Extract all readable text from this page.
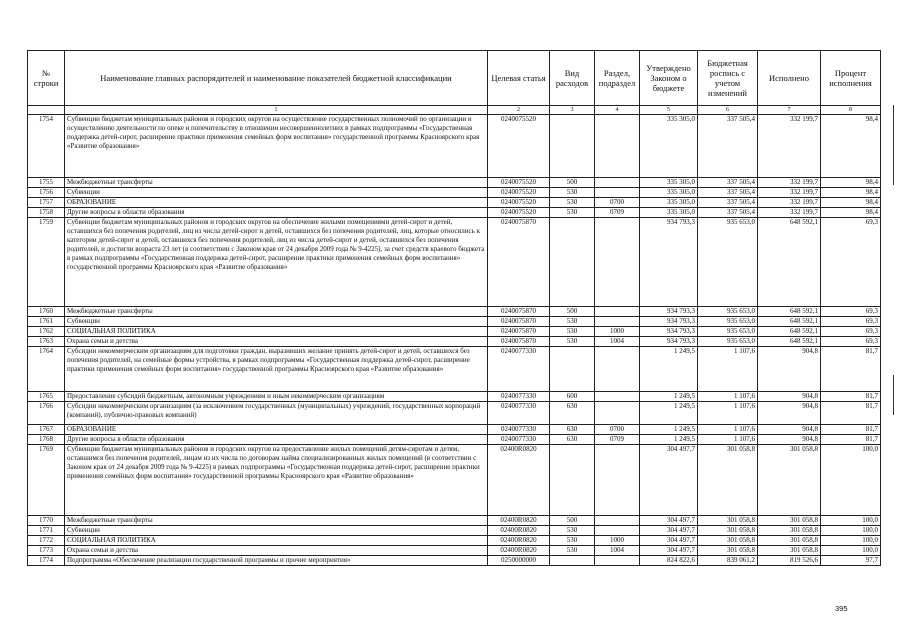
№ строки	Наименование главных распорядителей и наименование показателей бюджетной классификации	Целевая статья	Вид расходов	Раздел, подраздел	Утверждено Законом о бюджете	Бюджетная роспись с учетом изменений	Исполнено	Процент исполнения
	1	2	3	4	5	6	7	8
1754	Субвенции бюджетам муниципальных районов и городских округов на осуществление государственных полномочий по организации и осуществлению деятельности по опеке и попечительству в отношении несовершеннолетних в рамках подпрограммы «Государственная поддержка детей-сирот, расширение практики применения семейных форм воспитания» государственной программы Красноярского края «Развитие образования»	0240075520			335 305,0	337 505,4	332 199,7	98,4
1755	Межбюджетные трансферты	0240075520	500		335 305,0	337 505,4	332 199,7	98,4
1756	Субвенции	0240075520	530		335 305,0	337 505,4	332 199,7	98,4
1757	ОБРАЗОВАНИЕ	0240075520	530	0700	335 305,0	337 505,4	332 199,7	98,4
1758	Другие вопросы в области образования	0240075520	530	0709	335 305,0	337 505,4	332 199,7	98,4
1759	Субвенции бюджетам муниципальных районов и городских округов на обеспечение жилыми помещениями детей-сирот и детей, оставшихся без попечения родителей, лиц из числа детей-сирот и детей, оставшихся без попечения родителей, лиц, которые относились к категории детей-сирот и детей, оставшихся без попечения родителей, лиц из числа детей-сирот и детей, оставшихся без попечения родителей, и достигли возраста 23 лет (в соответствии с Законом края от 24 декабря 2009 года № 9-4225), за счет средств краевого бюджета в рамках подпрограммы «Государственная поддержка детей-сирот, расширение практики применения семейных форм воспитания» государственной программы Красноярского края «Развитие образования»	0240075870			934 793,3	935 653,0	648 592,1	69,3
1760	Межбюджетные трансферты	0240075870	500		934 793,3	935 653,0	648 592,1	69,3
1761	Субвенции	0240075870	530		934 793,3	935 653,0	648 592,1	69,3
1762	СОЦИАЛЬНАЯ ПОЛИТИКА	0240075870	530	1000	934 793,3	935 653,0	648 592,1	69,3
1763	Охрана семьи и детства	0240075870	530	1004	934 793,3	935 653,0	648 592,1	69,3
1764	Субсидии некоммерческим организациям для подготовки граждан, выразивших желание принять детей-сирот и детей, оставшихся без попечения родителей, на семейные формы устройства, в рамках подпрограммы «Государственная поддержка детей-сирот, расширение практики применения семейных форм воспитания» государственной программы Красноярского края «Развитие образования»	0240077330			1 249,5	1 107,6	904,8	81,7
1765	Предоставление субсидий бюджетным, автономным учреждениям и иным некоммерческим организациям	0240077330	600		1 249,5	1 107,6	904,8	81,7
1766	Субсидии некоммерческим организациям (за исключением государственных (муниципальных) учреждений, государственных корпораций (компаний), публично-правовых компаний)	0240077330	630		1 249,5	1 107,6	904,8	81,7
1767	ОБРАЗОВАНИЕ	0240077330	630	0700	1 249,5	1 107,6	904,8	81,7
1768	Другие вопросы в области образования	0240077330	630	0709	1 249,5	1 107,6	904,8	81,7
1769	Субвенции бюджетам муниципальных районов и городских округов на предоставление жилых помещений детям-сиротам и детям, оставшимся без попечения родителей, лицам из их числа по договорам найма специализированных жилых помещений (в соответствии с Законом края от 24 декабря 2009 года № 9-4225) в рамках подпрограммы «Государственная поддержка детей-сирот, расширение практики применения семейных форм воспитания» государственной программы Красноярского края «Развитие образования»	02400R0820			304 497,7	301 058,8	301 058,8	100,0
1770	Межбюджетные трансферты	02400R0820	500		304 497,7	301 058,8	301 058,8	100,0
1771	Субвенции	02400R0820	530		304 497,7	301 058,8	301 058,8	100,0
1772	СОЦИАЛЬНАЯ ПОЛИТИКА	02400R0820	530	1000	304 497,7	301 058,8	301 058,8	100,0
1773	Охрана семьи и детства	02400R0820	530	1004	304 497,7	301 058,8	301 058,8	100,0
1774	Подпрограмма «Обеспечение реализации государственной программы и прочие мероприятия»	0250000000			824 822,6	839 061,2	819 526,6	97,7
395
